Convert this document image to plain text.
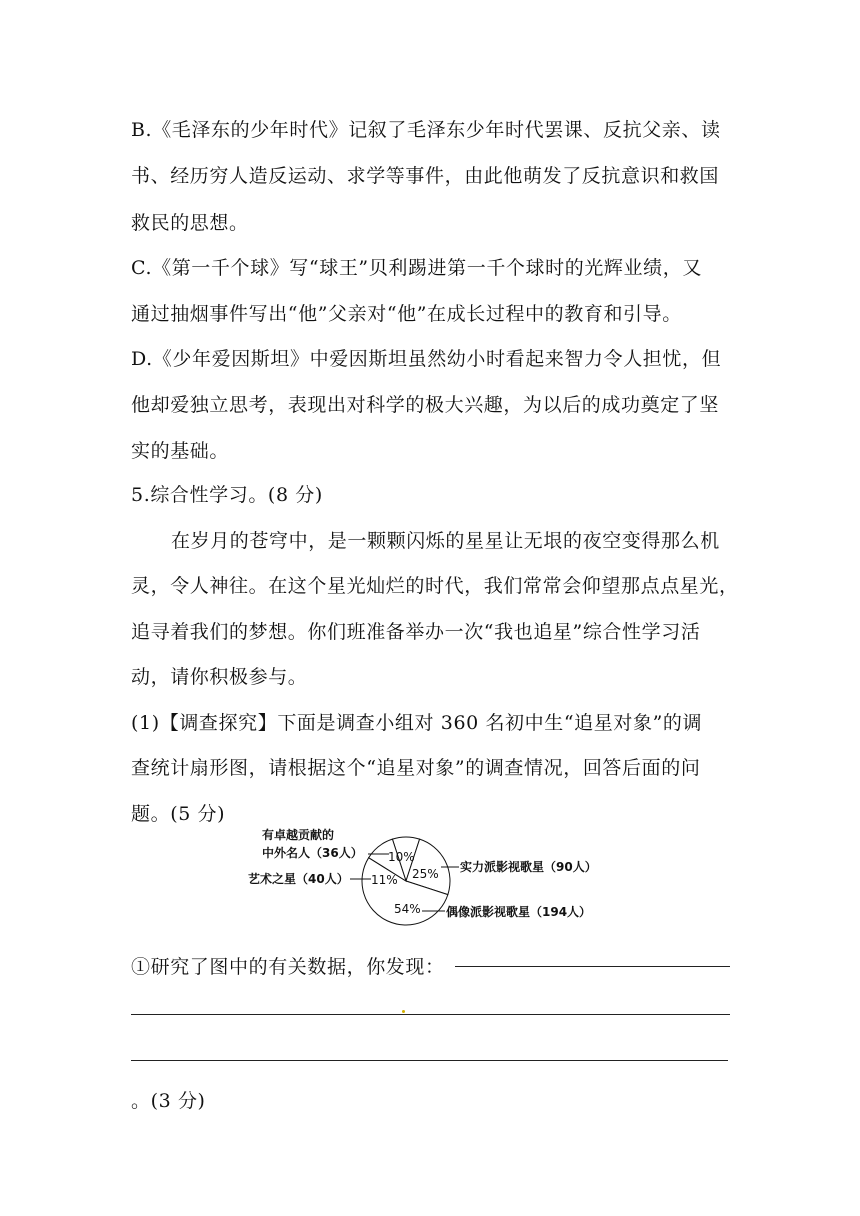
B.《毛泽东的少年时代》记叙了毛泽东少年时代罢课、反抗父亲、读
书、经历穷人造反运动、求学等事件，由此他萌发了反抗意识和救国
救民的思想。
C.《第一千个球》写“球王”贝利踢进第一千个球时的光辉业绩，又
通过抽烟事件写出“他”父亲对“他”在成长过程中的教育和引导。
D.《少年爱因斯坦》中爱因斯坦虽然幼小时看起来智力令人担忧，但
他却爱独立思考，表现出对科学的极大兴趣，为以后的成功奠定了坚
实的基础。
5.综合性学习。(8 分)
在岁月的苍穹中，是一颗颗闪烁的星星让无垠的夜空变得那么机
灵，令人神往。在这个星光灿烂的时代，我们常常会仰望那点点星光，
追寻着我们的梦想。你们班准备举办一次“我也追星”综合性学习活
动，请你积极参与。
(1)【调查探究】下面是调查小组对 360 名初中生“追星对象”的调
查统计扇形图，请根据这个“追星对象”的调查情况，回答后面的问
题。(5 分)
10%
11% 25%
54%
有卓越贡献的
中外名人（36人）
艺术之星（40人）
实力派影视歌星（90人）
偶像派影视歌星（194人）
①研究了图中的有关数据，你发现：
。(3 分)
